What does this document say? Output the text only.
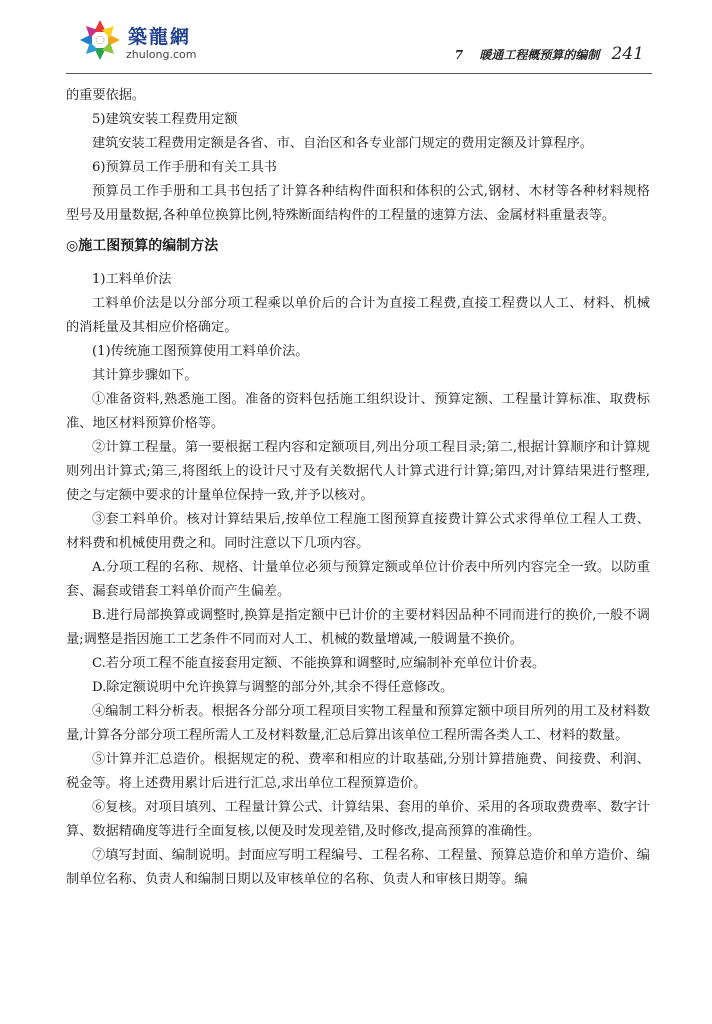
築龍網
zhulong.com	7 暖通工程概预算的编制 241

的重要依据。

5)建筑安装工程费用定额

建筑安装工程费用定额是各省、市、自治区和各专业部门规定的费用定额及计算程序。

6)预算员工作手册和有关工具书

预算员工作手册和工具书包括了计算各种结构件面积和体积的公式,钢材、木材等各种材料规格型号及用量数据,各种单位换算比例,特殊断面结构件的工程量的速算方法、金属材料重量表等。

◎施工图预算的编制方法

1)工料单价法

工料单价法是以分部分项工程乘以单价后的合计为直接工程费,直接工程费以人工、材料、机械的消耗量及其相应价格确定。

(1)传统施工图预算使用工料单价法。

其计算步骤如下。

①准备资料,熟悉施工图。准备的资料包括施工组织设计、预算定额、工程量计算标准、取费标准、地区材料预算价格等。

②计算工程量。第一要根据工程内容和定额项目,列出分项工程目录;第二,根据计算顺序和计算规则列出计算式;第三,将图纸上的设计尺寸及有关数据代人计算式进行计算;第四,对计算结果进行整理,使之与定额中要求的计量单位保持一致,并予以核对。

③套工料单价。核对计算结果后,按单位工程施工图预算直接费计算公式求得单位工程人工费、材料费和机械使用费之和。同时注意以下几项内容。

A.分项工程的名称、规格、计量单位必须与预算定额或单位计价表中所列内容完全一致。以防重套、漏套或错套工料单价而产生偏差。

B.进行局部换算或调整时,换算是指定额中已计价的主要材料因品种不同而进行的换价,一般不调量;调整是指因施工工艺条件不同而对人工、机械的数量增减,一般调量不换价。

C.若分项工程不能直接套用定额、不能换算和调整时,应编制补充单位计价表。

D.除定额说明中允许换算与调整的部分外,其余不得任意修改。

④编制工料分析表。根据各分部分项工程项目实物工程量和预算定额中项目所列的用工及材料数量,计算各分部分项工程所需人工及材料数量,汇总后算出该单位工程所需各类人工、材料的数量。

⑤计算并汇总造价。根据规定的税、费率和相应的计取基础,分别计算措施费、间接费、利润、税金等。将上述费用累计后进行汇总,求出单位工程预算造价。

⑥复核。对项目填列、工程量计算公式、计算结果、套用的单价、采用的各项取费费率、数字计算、数据精确度等进行全面复核,以便及时发现差错,及时修改,提高预算的准确性。

⑦填写封面、编制说明。封面应写明工程编号、工程名称、工程量、预算总造价和单方造价、编制单位名称、负责人和编制日期以及审核单位的名称、负责人和审核日期等。编
